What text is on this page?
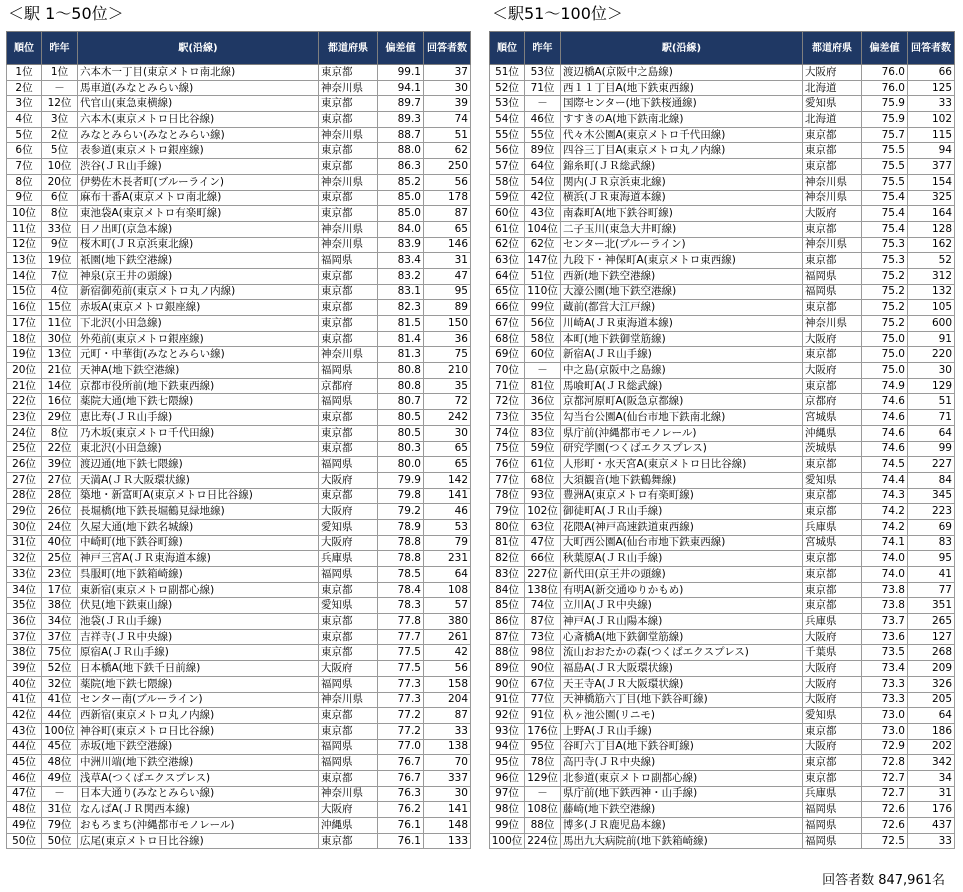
＜駅 1～50位＞	＜駅51～100位＞
順位	昨年	駅(沿線)	都道府県	偏差値	回答者数
1位	1位	六本木一丁目(東京メトロ南北線)	東京都	99.1	37
2位	－	馬車道(みなとみらい線)	神奈川県	94.1	30
3位	12位	代官山(東急東横線)	東京都	89.7	39
4位	3位	六本木(東京メトロ日比谷線)	東京都	89.3	74
5位	2位	みなとみらい(みなとみらい線)	神奈川県	88.7	51
6位	5位	表参道(東京メトロ銀座線)	東京都	88.0	62
7位	10位	渋谷(ＪＲ山手線)	東京都	86.3	250
8位	20位	伊勢佐木長者町(ブルーライン)	神奈川県	85.2	56
9位	6位	麻布十番A(東京メトロ南北線)	東京都	85.0	178
10位	8位	東池袋A(東京メトロ有楽町線)	東京都	85.0	87
11位	33位	日ノ出町(京急本線)	神奈川県	84.0	65
12位	9位	桜木町(ＪＲ京浜東北線)	神奈川県	83.9	146
13位	19位	祇園(地下鉄空港線)	福岡県	83.4	31
14位	7位	神泉(京王井の頭線)	東京都	83.2	47
15位	4位	新宿御苑前(東京メトロ丸ノ内線)	東京都	83.1	95
16位	15位	赤坂A(東京メトロ銀座線)	東京都	82.3	89
17位	11位	下北沢(小田急線)	東京都	81.5	150
18位	30位	外苑前(東京メトロ銀座線)	東京都	81.4	36
19位	13位	元町・中華街(みなとみらい線)	神奈川県	81.3	75
20位	21位	天神A(地下鉄空港線)	福岡県	80.8	210
21位	14位	京都市役所前(地下鉄東西線)	京都府	80.8	35
22位	16位	薬院大通(地下鉄七隈線)	福岡県	80.7	72
23位	29位	恵比寿(ＪＲ山手線)	東京都	80.5	242
24位	8位	乃木坂(東京メトロ千代田線)	東京都	80.5	30
25位	22位	東北沢(小田急線)	東京都	80.3	65
26位	39位	渡辺通(地下鉄七隈線)	福岡県	80.0	65
27位	27位	天満A(ＪＲ大阪環状線)	大阪府	79.9	142
28位	28位	築地・新富町A(東京メトロ日比谷線)	東京都	79.8	141
29位	26位	長堀橋(地下鉄長堀鶴見緑地線)	大阪府	79.2	46
30位	24位	久屋大通(地下鉄名城線)	愛知県	78.9	53
31位	40位	中崎町(地下鉄谷町線)	大阪府	78.8	79
32位	25位	神戸三宮A(ＪＲ東海道本線)	兵庫県	78.8	231
33位	23位	呉服町(地下鉄箱崎線)	福岡県	78.5	64
34位	17位	東新宿(東京メトロ副都心線)	東京都	78.4	108
35位	38位	伏見(地下鉄東山線)	愛知県	78.3	57
36位	34位	池袋(ＪＲ山手線)	東京都	77.8	380
37位	37位	吉祥寺(ＪＲ中央線)	東京都	77.7	261
38位	75位	原宿A(ＪＲ山手線)	東京都	77.5	42
39位	52位	日本橋A(地下鉄千日前線)	大阪府	77.5	56
40位	32位	薬院(地下鉄七隈線)	福岡県	77.3	158
41位	41位	センター南(ブルーライン)	神奈川県	77.3	204
42位	44位	西新宿(東京メトロ丸ノ内線)	東京都	77.2	87
43位	100位	神谷町(東京メトロ日比谷線)	東京都	77.2	33
44位	45位	赤坂(地下鉄空港線)	福岡県	77.0	138
45位	48位	中洲川端(地下鉄空港線)	福岡県	76.7	70
46位	49位	浅草A(つくばエクスプレス)	東京都	76.7	337
47位	－	日本大通り(みなとみらい線)	神奈川県	76.3	30
48位	31位	なんばA(ＪＲ関西本線)	大阪府	76.2	141
49位	79位	おもろまち(沖縄都市モノレール)	沖縄県	76.1	148
50位	50位	広尾(東京メトロ日比谷線)	東京都	76.1	133
順位	昨年	駅(沿線)	都道府県	偏差値	回答者数
51位	53位	渡辺橋A(京阪中之島線)	大阪府	76.0	66
52位	71位	西１１丁目A(地下鉄東西線)	北海道	76.0	125
53位	－	国際センター(地下鉄桜通線)	愛知県	75.9	33
54位	46位	すすきのA(地下鉄南北線)	北海道	75.9	102
55位	55位	代々木公園A(東京メトロ千代田線)	東京都	75.7	115
56位	89位	四谷三丁目A(東京メトロ丸ノ内線)	東京都	75.5	94
57位	64位	錦糸町(ＪＲ総武線)	東京都	75.5	377
58位	54位	関内(ＪＲ京浜東北線)	神奈川県	75.5	154
59位	42位	横浜(ＪＲ東海道本線)	神奈川県	75.4	325
60位	43位	南森町A(地下鉄谷町線)	大阪府	75.4	164
61位	104位	二子玉川(東急大井町線)	東京都	75.4	128
62位	62位	センター北(ブルーライン)	神奈川県	75.3	162
63位	147位	九段下・神保町A(東京メトロ東西線)	東京都	75.3	52
64位	51位	西新(地下鉄空港線)	福岡県	75.2	312
65位	110位	大濠公園(地下鉄空港線)	福岡県	75.2	132
66位	99位	蔵前(都営大江戸線)	東京都	75.2	105
67位	56位	川崎A(ＪＲ東海道本線)	神奈川県	75.2	600
68位	58位	本町(地下鉄御堂筋線)	大阪府	75.0	91
69位	60位	新宿A(ＪＲ山手線)	東京都	75.0	220
70位	－	中之島(京阪中之島線)	大阪府	75.0	30
71位	81位	馬喰町A(ＪＲ総武線)	東京都	74.9	129
72位	36位	京都河原町A(阪急京都線)	京都府	74.6	51
73位	35位	勾当台公園A(仙台市地下鉄南北線)	宮城県	74.6	71
74位	83位	県庁前(沖縄都市モノレール)	沖縄県	74.6	64
75位	59位	研究学園(つくばエクスプレス)	茨城県	74.6	99
76位	61位	人形町・水天宮A(東京メトロ日比谷線)	東京都	74.5	227
77位	68位	大須観音(地下鉄鶴舞線)	愛知県	74.4	84
78位	93位	豊洲A(東京メトロ有楽町線)	東京都	74.3	345
79位	102位	御徒町A(ＪＲ山手線)	東京都	74.2	223
80位	63位	花隈A(神戸高速鉄道東西線)	兵庫県	74.2	69
81位	47位	大町西公園A(仙台市地下鉄東西線)	宮城県	74.1	83
82位	66位	秋葉原A(ＪＲ山手線)	東京都	74.0	95
83位	227位	新代田(京王井の頭線)	東京都	74.0	41
84位	138位	有明A(新交通ゆりかもめ)	東京都	73.8	77
85位	74位	立川A(ＪＲ中央線)	東京都	73.8	351
86位	87位	神戸A(ＪＲ山陽本線)	兵庫県	73.7	265
87位	73位	心斎橋A(地下鉄御堂筋線)	大阪府	73.6	127
88位	98位	流山おおたかの森(つくばエクスプレス)	千葉県	73.5	268
89位	90位	福島A(ＪＲ大阪環状線)	大阪府	73.4	209
90位	67位	天王寺A(ＪＲ大阪環状線)	大阪府	73.3	326
91位	77位	天神橋筋六丁目(地下鉄谷町線)	大阪府	73.3	205
92位	91位	杁ヶ池公園(リニモ)	愛知県	73.0	64
93位	176位	上野A(ＪＲ山手線)	東京都	73.0	186
94位	95位	谷町六丁目A(地下鉄谷町線)	大阪府	72.9	202
95位	78位	高円寺(ＪＲ中央線)	東京都	72.8	342
96位	129位	北参道(東京メトロ副都心線)	東京都	72.7	34
97位	－	県庁前(地下鉄西神・山手線)	兵庫県	72.7	31
98位	108位	藤崎(地下鉄空港線)	福岡県	72.6	176
99位	88位	博多(ＪＲ鹿児島本線)	福岡県	72.6	437
100位	224位	馬出九大病院前(地下鉄箱崎線)	福岡県	72.5	33
回答者数 847,961名
